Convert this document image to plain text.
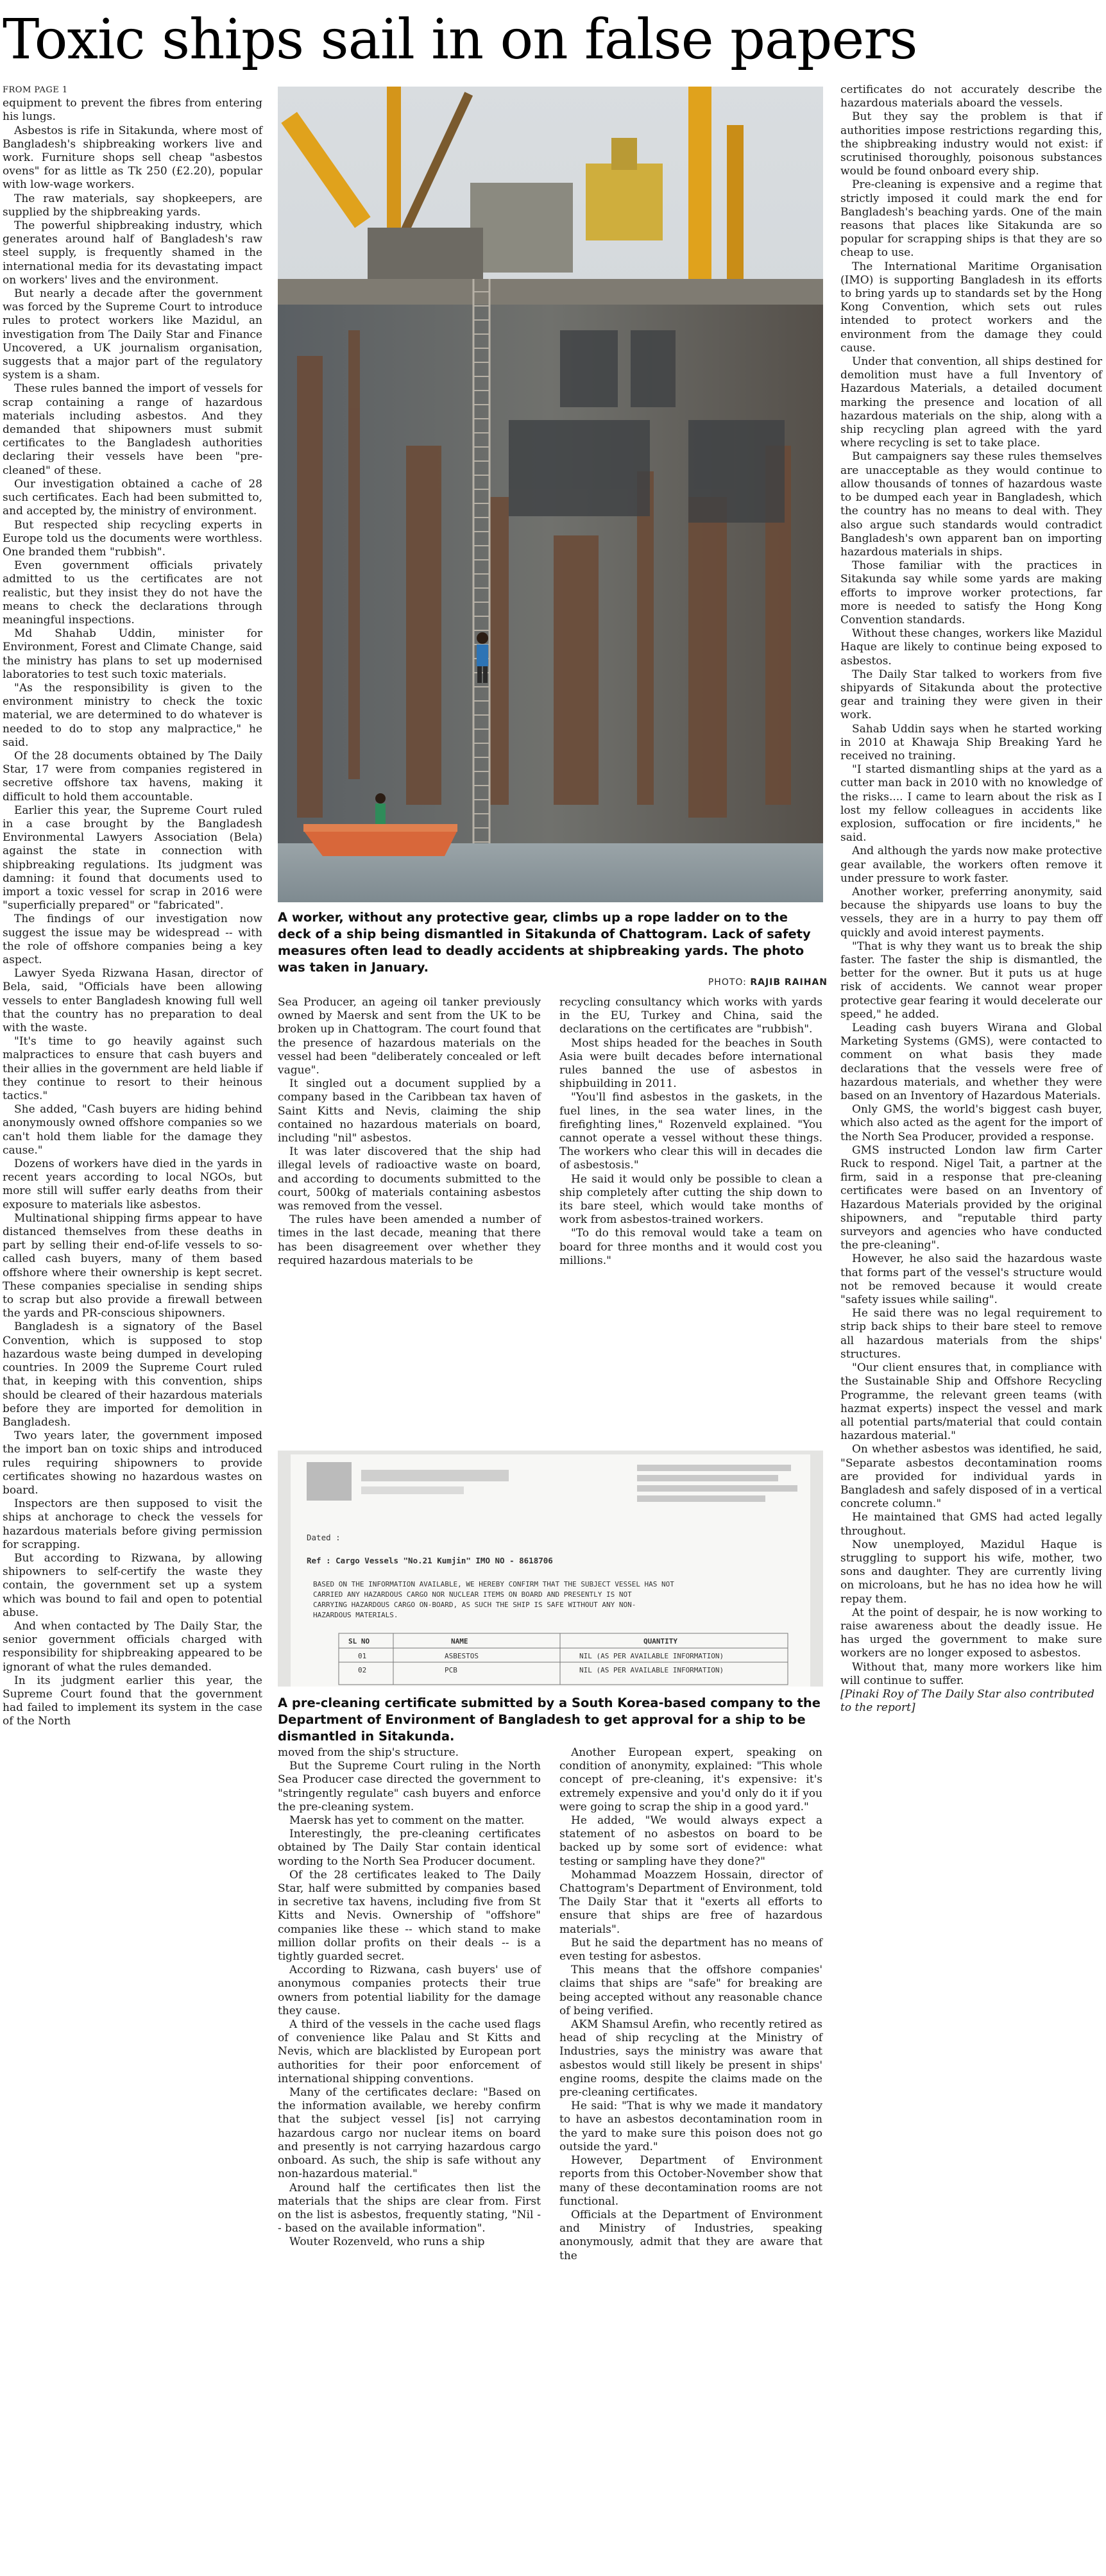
Toxic ships sail in on false papers

FROM PAGE 1

equipment to prevent the fibres from entering his lungs.

Asbestos is rife in Sitakunda, where most of Bangladesh's shipbreaking workers live and work. Furniture shops sell cheap "asbestos ovens" for as little as Tk 250 (£2.20), popular with low-wage workers.

The raw materials, say shopkeepers, are supplied by the shipbreaking yards.

The powerful shipbreaking industry, which generates around half of Bangladesh's raw steel supply, is frequently shamed in the international media for its devastating impact on workers' lives and the environment.

But nearly a decade after the government was forced by the Supreme Court to introduce rules to protect workers like Mazidul, an investigation from The Daily Star and Finance Uncovered, a UK journalism organisation, suggests that a major part of the regulatory system is a sham.

These rules banned the import of vessels for scrap containing a range of hazardous materials including asbestos. And they demanded that shipowners must submit certificates to the Bangladesh authorities declaring their vessels have been "pre-cleaned" of these.

Our investigation obtained a cache of 28 such certificates. Each had been submitted to, and accepted by, the ministry of environment.

But respected ship recycling experts in Europe told us the documents were worthless. One branded them "rubbish".

Even government officials privately admitted to us the certificates are not realistic, but they insist they do not have the means to check the declarations through meaningful inspections.

Md Shahab Uddin, minister for Environment, Forest and Climate Change, said the ministry has plans to set up modernised laboratories to test such toxic materials.

"As the responsibility is given to the environment ministry to check the toxic material, we are determined to do whatever is needed to do to stop any malpractice," he said.

Of the 28 documents obtained by The Daily Star, 17 were from companies registered in secretive offshore tax havens, making it difficult to hold them accountable.

Earlier this year, the Supreme Court ruled in a case brought by the Bangladesh Environmental Lawyers Association (Bela) against the state in connection with shipbreaking regulations. Its judgment was damning: it found that documents used to import a toxic vessel for scrap in 2016 were "superficially prepared" or "fabricated".

The findings of our investigation now suggest the issue may be widespread -- with the role of offshore companies being a key aspect.

Lawyer Syeda Rizwana Hasan, director of Bela, said, "Officials have been allowing vessels to enter Bangladesh knowing full well that the country has no preparation to deal with the waste.

"It's time to go heavily against such malpractices to ensure that cash buyers and their allies in the government are held liable if they continue to resort to their heinous tactics."

She added, "Cash buyers are hiding behind anonymously owned offshore companies so we can't hold them liable for the damage they cause."

Dozens of workers have died in the yards in recent years according to local NGOs, but more still will suffer early deaths from their exposure to materials like asbestos.

Multinational shipping firms appear to have distanced themselves from these deaths in part by selling their end-of-life vessels to so-called cash buyers, many of them based offshore where their ownership is kept secret. These companies specialise in sending ships to scrap but also provide a firewall between the yards and PR-conscious shipowners.

Bangladesh is a signatory of the Basel Convention, which is supposed to stop hazardous waste being dumped in developing countries. In 2009 the Supreme Court ruled that, in keeping with this convention, ships should be cleared of their hazardous materials before they are imported for demolition in Bangladesh.

Two years later, the government imposed the import ban on toxic ships and introduced rules requiring shipowners to provide certificates showing no hazardous wastes on board.

Inspectors are then supposed to visit the ships at anchorage to check the vessels for hazardous materials before giving permission for scrapping.

But according to Rizwana, by allowing shipowners to self-certify the waste they contain, the government set up a system which was bound to fail and open to potential abuse.

And when contacted by The Daily Star, the senior government officials charged with responsibility for shipbreaking appeared to be ignorant of what the rules demanded.

In its judgment earlier this year, the Supreme Court found that the government had failed to implement its system in the case of the North

A worker, without any protective gear, climbs up a rope ladder on to the deck of a ship being dismantled in Sitakunda of Chattogram. Lack of safety measures often lead to deadly accidents at shipbreaking yards. The photo was taken in January.
PHOTO: RAJIB RAIHAN

Sea Producer, an ageing oil tanker previously owned by Maersk and sent from the UK to be broken up in Chattogram. The court found that the presence of hazardous materials on the vessel had been "deliberately concealed or left vague".

It singled out a document supplied by a company based in the Caribbean tax haven of Saint Kitts and Nevis, claiming the ship contained no hazardous materials on board, including "nil" asbestos.

It was later discovered that the ship had illegal levels of radioactive waste on board, and according to documents submitted to the court, 500kg of materials containing asbestos was removed from the vessel.

The rules have been amended a number of times in the last decade, meaning that there has been disagreement over whether they required hazardous materials to be

recycling consultancy which works with yards in the EU, Turkey and China, said the declarations on the certificates are "rubbish".

Most ships headed for the beaches in South Asia were built decades before international rules banned the use of asbestos in shipbuilding in 2011.

"You'll find asbestos in the gaskets, in the fuel lines, in the sea water lines, in the firefighting lines," Rozenveld explained. "You cannot operate a vessel without these things. The workers who clear this will in decades die of asbestosis."

He said it would only be possible to clean a ship completely after cutting the ship down to its bare steel, which would take months of work from asbestos-trained workers.

"To do this removal would take a team on board for three months and it would cost you millions."

Dated :
Ref : Cargo Vessels "No.21 Kumjin" IMO NO - 8618706
BASED ON THE INFORMATION AVAILABLE, WE HEREBY CONFIRM THAT THE SUBJECT VESSEL HAS NOT
CARRIED ANY HAZARDOUS CARGO NOR NUCLEAR ITEMS ON BOARD AND PRESENTLY IS NOT
CARRYING HAZARDOUS CARGO ON-BOARD, AS SUCH THE SHIP IS SAFE WITHOUT ANY NON-
HAZARDOUS MATERIALS.
SL NO	NAME	QUANTITY
01	ASBESTOS	NIL (AS PER AVAILABLE INFORMATION)
02	PCB	NIL (AS PER AVAILABLE INFORMATION)
A pre-cleaning certificate submitted by a South Korea-based company to the Department of Environment of Bangladesh to get approval for a ship to be dismantled in Sitakunda.

moved from the ship's structure.

But the Supreme Court ruling in the North Sea Producer case directed the government to "stringently regulate" cash buyers and enforce the pre-cleaning system.

Maersk has yet to comment on the matter.

Interestingly, the pre-cleaning certificates obtained by The Daily Star contain identical wording to the North Sea Producer document.

Of the 28 certificates leaked to The Daily Star, half were submitted by companies based in secretive tax havens, including five from St Kitts and Nevis. Ownership of "offshore" companies like these -- which stand to make million dollar profits on their deals -- is a tightly guarded secret.

According to Rizwana, cash buyers' use of anonymous companies protects their true owners from potential liability for the damage they cause.

A third of the vessels in the cache used flags of convenience like Palau and St Kitts and Nevis, which are blacklisted by European port authorities for their poor enforcement of international shipping conventions.

Many of the certificates declare: "Based on the information available, we hereby confirm that the subject vessel [is] not carrying hazardous cargo nor nuclear items on board and presently is not carrying hazardous cargo onboard. As such, the ship is safe without any non-hazardous material."

Around half the certificates then list the materials that the ships are clear from. First on the list is asbestos, frequently stating, "Nil -- based on the available information".

Wouter Rozenveld, who runs a ship

Another European expert, speaking on condition of anonymity, explained: "This whole concept of pre-cleaning, it's expensive: it's extremely expensive and you'd only do it if you were going to scrap the ship in a good yard."

He added, "We would always expect a statement of no asbestos on board to be backed up by some sort of evidence: what testing or sampling have they done?"

Mohammad Moazzem Hossain, director of Chattogram's Department of Environment, told The Daily Star that it "exerts all efforts to ensure that ships are free of hazardous materials".

But he said the department has no means of even testing for asbestos.

This means that the offshore companies' claims that ships are "safe" for breaking are being accepted without any reasonable chance of being verified.

AKM Shamsul Arefin, who recently retired as head of ship recycling at the Ministry of Industries, says the ministry was aware that asbestos would still likely be present in ships' engine rooms, despite the claims made on the pre-cleaning certificates.

He said: "That is why we made it mandatory to have an asbestos decontamination room in the yard to make sure this poison does not go outside the yard."

However, Department of Environment reports from this October-November show that many of these decontamination rooms are not functional.

Officials at the Department of Environment and Ministry of Industries, speaking anonymously, admit that they are aware that the

certificates do not accurately describe the hazardous materials aboard the vessels.

But they say the problem is that if authorities impose restrictions regarding this, the shipbreaking industry would not exist: if scrutinised thoroughly, poisonous substances would be found onboard every ship.

Pre-cleaning is expensive and a regime that strictly imposed it could mark the end for Bangladesh's beaching yards. One of the main reasons that places like Sitakunda are so popular for scrapping ships is that they are so cheap to use.

The International Maritime Organisation (IMO) is supporting Bangladesh in its efforts to bring yards up to standards set by the Hong Kong Convention, which sets out rules intended to protect workers and the environment from the damage they could cause.

Under that convention, all ships destined for demolition must have a full Inventory of Hazardous Materials, a detailed document marking the presence and location of all hazardous materials on the ship, along with a ship recycling plan agreed with the yard where recycling is set to take place.

But campaigners say these rules themselves are unacceptable as they would continue to allow thousands of tonnes of hazardous waste to be dumped each year in Bangladesh, which the country has no means to deal with. They also argue such standards would contradict Bangladesh's own apparent ban on importing hazardous materials in ships.

Those familiar with the practices in Sitakunda say while some yards are making efforts to improve worker protections, far more is needed to satisfy the Hong Kong Convention standards.

Without these changes, workers like Mazidul Haque are likely to continue being exposed to asbestos.

The Daily Star talked to workers from five shipyards of Sitakunda about the protective gear and training they were given in their work.

Sahab Uddin says when he started working in 2010 at Khawaja Ship Breaking Yard he received no training.

"I started dismantling ships at the yard as a cutter man back in 2010 with no knowledge of the risks.... I came to learn about the risk as I lost my fellow colleagues in accidents like explosion, suffocation or fire incidents," he said.

And although the yards now make protective gear available, the workers often remove it under pressure to work faster.

Another worker, preferring anonymity, said because the shipyards use loans to buy the vessels, they are in a hurry to pay them off quickly and avoid interest payments.

"That is why they want us to break the ship faster. The faster the ship is dismantled, the better for the owner. But it puts us at huge risk of accidents. We cannot wear proper protective gear fearing it would decelerate our speed," he added.

Leading cash buyers Wirana and Global Marketing Systems (GMS), were contacted to comment on what basis they made declarations that the vessels were free of hazardous materials, and whether they were based on an Inventory of Hazardous Materials.

Only GMS, the world's biggest cash buyer, which also acted as the agent for the import of the North Sea Producer, provided a response.

GMS instructed London law firm Carter Ruck to respond. Nigel Tait, a partner at the firm, said in a response that pre-cleaning certificates were based on an Inventory of Hazardous Materials provided by the original shipowners, and "reputable third party surveyors and agencies who have conducted the pre-cleaning".

However, he also said the hazardous waste that forms part of the vessel's structure would not be removed because it would create "safety issues while sailing".

He said there was no legal requirement to strip back ships to their bare steel to remove all hazardous materials from the ships' structures.

"Our client ensures that, in compliance with the Sustainable Ship and Offshore Recycling Programme, the relevant green teams (with hazmat experts) inspect the vessel and mark all potential parts/material that could contain hazardous material."

On whether asbestos was identified, he said, "Separate asbestos decontamination rooms are provided for individual yards in Bangladesh and safely disposed of in a vertical concrete column."

He maintained that GMS had acted legally throughout.

Now unemployed, Mazidul Haque is struggling to support his wife, mother, two sons and daughter. They are currently living on microloans, but he has no idea how he will repay them.

At the point of despair, he is now working to raise awareness about the deadly issue. He has urged the government to make sure workers are no longer exposed to asbestos.

Without that, many more workers like him will continue to suffer.

[Pinaki Roy of The Daily Star also contributed to the report]
